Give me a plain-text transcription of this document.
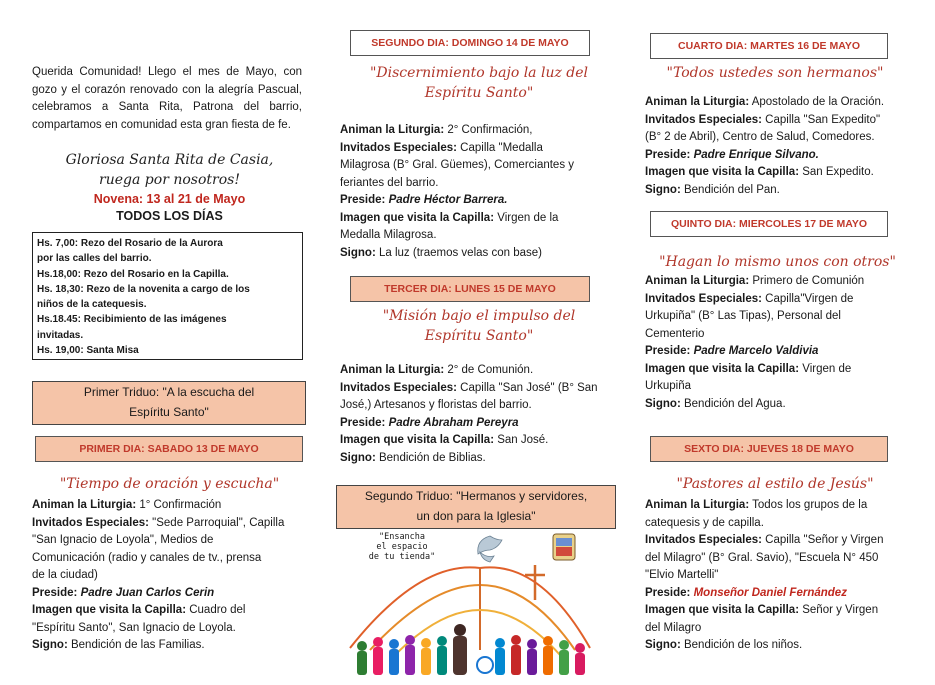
Querida Comunidad! Llego el mes de Mayo, con gozo y el corazón renovado con la alegría Pascual, celebramos a Santa Rita, Patrona del barrio, compartamos en comunidad esta gran fiesta de fe.

Gloriosa Santa Rita de Casia,
ruega por nosotros!
Novena: 13 al 21 de Mayo
TODOS LOS DÍAS
Hs. 7,00: Rezo del Rosario de la Aurora
por las calles del barrio.
Hs.18,00: Rezo del Rosario en la Capilla.
Hs. 18,30: Rezo de la novenita a cargo de los
niños de la catequesis.
Hs.18.45: Recibimiento de las imágenes
invitadas.
Hs. 19,00: Santa Misa
Primer Triduo: "A la escucha del
Espíritu Santo"
PRIMER DIA: SABADO 13 DE MAYO
"Tiempo de oración y escucha"
Animan la Liturgia: 1° Confirmación
Invitados Especiales: "Sede Parroquial", Capilla
"San Ignacio de Loyola", Medios de
Comunicación (radio y canales de tv., prensa
de la ciudad)
Preside: Padre Juan Carlos Cerin
Imagen que visita la Capilla: Cuadro del
"Espíritu Santo", San Ignacio de Loyola.
Signo: Bendición de las Familias.
SEGUNDO DIA: DOMINGO 14 DE MAYO
"Discernimiento bajo la luz del
Espíritu Santo"
Animan la Liturgia: 2° Confirmación,
Invitados Especiales: Capilla "Medalla
Milagrosa (B° Gral. Güemes), Comerciantes y
feriantes del barrio.
Preside: Padre Héctor Barrera.
Imagen que visita la Capilla: Virgen de la
Medalla Milagrosa.
Signo: La luz (traemos velas con base)
TERCER DIA: LUNES 15 DE MAYO
"Misión bajo el impulso del
Espíritu Santo"
Animan la Liturgia: 2° de Comunión.
Invitados Especiales: Capilla "San José" (B° San
José,) Artesanos y floristas del barrio.
Preside: Padre Abraham Pereyra
Imagen que visita la Capilla: San José.
Signo: Bendición de Biblias.
Segundo Triduo: "Hermanos y servidores,
un don para la Iglesia"
"Ensancha
el espacio
de tu tienda"
CUARTO DIA: MARTES 16 DE MAYO
"Todos ustedes son hermanos"
Animan la Liturgia: Apostolado de la Oración.
Invitados Especiales: Capilla "San Expedito"
(B° 2 de Abril), Centro de Salud, Comedores.
Preside: Padre Enrique Silvano.
Imagen que visita la Capilla: San Expedito.
Signo: Bendición del Pan.
QUINTO DIA: MIERCOLES 17 DE MAYO
"Hagan lo mismo unos con otros"
Animan la Liturgia: Primero de Comunión
Invitados Especiales: Capilla"Virgen de
Urkupiña" (B° Las Tipas), Personal del
Cementerio
Preside: Padre Marcelo Valdivia
Imagen que visita la Capilla: Virgen de
Urkupiña
Signo: Bendición del Agua.
SEXTO DIA: JUEVES 18 DE MAYO
"Pastores al estilo de Jesús"
Animan la Liturgia: Todos los grupos de la
catequesis y de capilla.
Invitados Especiales: Capilla "Señor y Virgen
del Milagro" (B° Gral. Savio), "Escuela N° 450
"Elvio Martelli"
Preside: Monseñor Daniel Fernández
Imagen que visita la Capilla: Señor y Virgen
del Milagro
Signo: Bendición de los niños.
